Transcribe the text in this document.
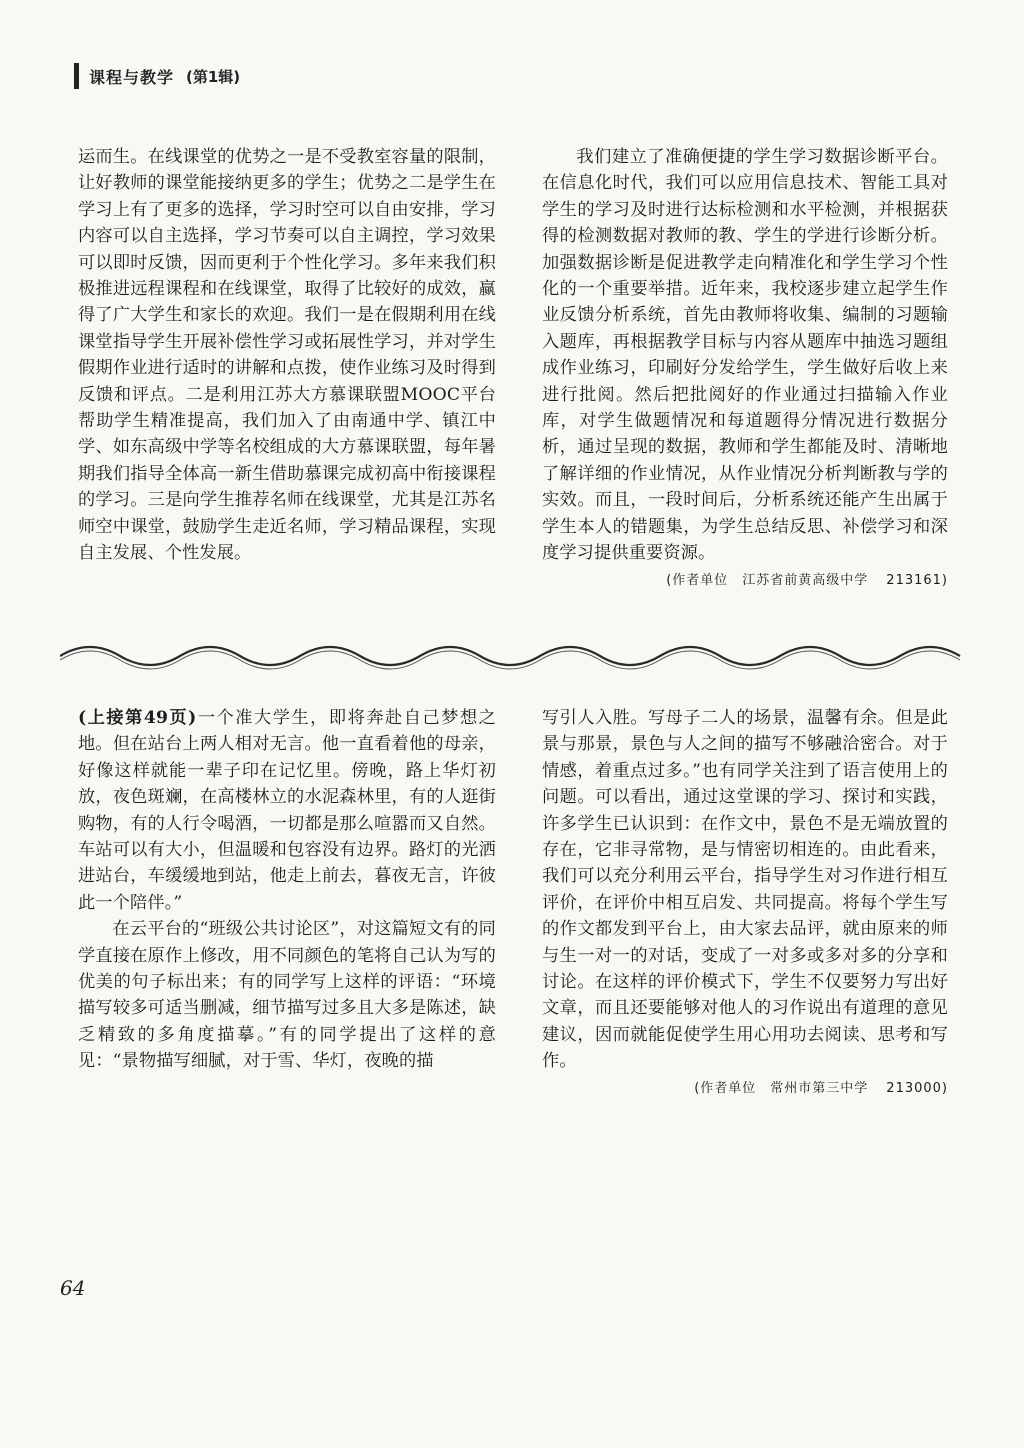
课程与教学 (第1辑)

运而生。在线课堂的优势之一是不受教室容量的限制，让好教师的课堂能接纳更多的学生；优势之二是学生在学习上有了更多的选择，学习时空可以自由安排，学习内容可以自主选择，学习节奏可以自主调控，学习效果可以即时反馈，因而更利于个性化学习。多年来我们积极推进远程课程和在线课堂，取得了比较好的成效，赢得了广大学生和家长的欢迎。我们一是在假期利用在线课堂指导学生开展补偿性学习或拓展性学习，并对学生假期作业进行适时的讲解和点拨，使作业练习及时得到反馈和评点。二是利用江苏大方慕课联盟MOOC平台帮助学生精准提高，我们加入了由南通中学、镇江中学、如东高级中学等名校组成的大方慕课联盟，每年暑期我们指导全体高一新生借助慕课完成初高中衔接课程的学习。三是向学生推荐名师在线课堂，尤其是江苏名师空中课堂，鼓励学生走近名师，学习精品课程，实现自主发展、个性发展。

我们建立了准确便捷的学生学习数据诊断平台。在信息化时代，我们可以应用信息技术、智能工具对学生的学习及时进行达标检测和水平检测，并根据获得的检测数据对教师的教、学生的学进行诊断分析。加强数据诊断是促进教学走向精准化和学生学习个性化的一个重要举措。近年来，我校逐步建立起学生作业反馈分析系统，首先由教师将收集、编制的习题输入题库，再根据教学目标与内容从题库中抽选习题组成作业练习，印刷好分发给学生，学生做好后收上来进行批阅。然后把批阅好的作业通过扫描输入作业库，对学生做题情况和每道题得分情况进行数据分析，通过呈现的数据，教师和学生都能及时、清晰地了解详细的作业情况，从作业情况分析判断教与学的实效。而且，一段时间后，分析系统还能产生出属于学生本人的错题集，为学生总结反思、补偿学习和深度学习提供重要资源。

(作者单位　江苏省前黄高级中学 213161)

(上接第49页)一个准大学生，即将奔赴自己梦想之地。但在站台上两人相对无言。他一直看着他的母亲，好像这样就能一辈子印在记忆里。傍晚，路上华灯初放，夜色斑斓，在高楼林立的水泥森林里，有的人逛街购物，有的人行令喝酒，一切都是那么喧嚣而又自然。车站可以有大小，但温暖和包容没有边界。路灯的光洒进站台，车缓缓地到站，他走上前去，暮夜无言，许彼此一个陪伴。”

在云平台的“班级公共讨论区”，对这篇短文有的同学直接在原作上修改，用不同颜色的笔将自己认为写的优美的句子标出来；有的同学写上这样的评语：“环境描写较多可适当删减，细节描写过多且大多是陈述，缺乏精致的多角度描摹。”有的同学提出了这样的意见：“景物描写细腻，对于雪、华灯，夜晚的描

写引人入胜。写母子二人的场景，温馨有余。但是此景与那景，景色与人之间的描写不够融洽密合。对于情感，着重点过多。”也有同学关注到了语言使用上的问题。可以看出，通过这堂课的学习、探讨和实践，许多学生已认识到：在作文中，景色不是无端放置的存在，它非寻常物，是与情密切相连的。由此看来，我们可以充分利用云平台，指导学生对习作进行相互评价，在评价中相互启发、共同提高。将每个学生写的作文都发到平台上，由大家去品评，就由原来的师与生一对一的对话，变成了一对多或多对多的分享和讨论。在这样的评价模式下，学生不仅要努力写出好文章，而且还要能够对他人的习作说出有道理的意见建议，因而就能促使学生用心用功去阅读、思考和写作。

(作者单位　常州市第三中学 213000)
64
